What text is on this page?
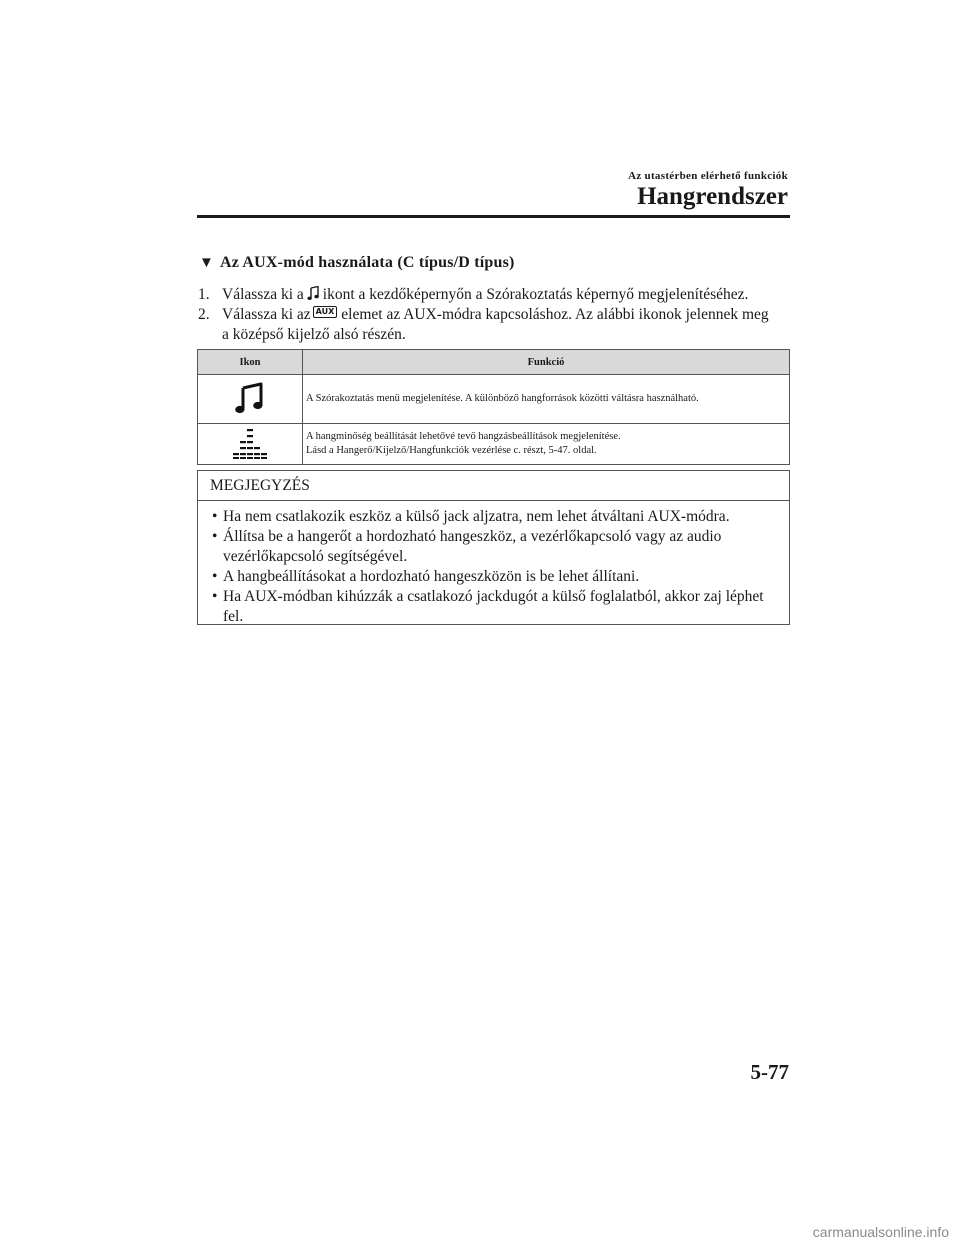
Az utastérben elérhető funkciók
Hangrendszer
▼ Az AUX-mód használata (C típus/D típus)
1. Válassza ki a ikont a kezdőképernyőn a Szórakoztatás képernyő megjelenítéséhez.
2. Válassza ki az AUX elemet az AUX-módra kapcsoláshoz. Az alábbi ikonok jelennek meg
a középső kijelző alsó részén.
Ikon	Funkció

A Szórakoztatás menü megjelenítése. A különböző hangforrások közötti váltásra használható.

A hangminőség beállítását lehetővé tevő hangzásbeállítások megjelenítése.
Lásd a Hangerő/Kijelző/Hangfunkciók vezérlése c. részt, 5-47. oldal.
MEGJEGYZÉS
• Ha nem csatlakozik eszköz a külső jack aljzatra, nem lehet átváltani AUX-módra.
• Állítsa be a hangerőt a hordozható hangeszköz, a vezérlőkapcsoló vagy az audio vezérlőkapcsoló segítségével.
• A hangbeállításokat a hordozható hangeszközön is be lehet állítani.
• Ha AUX-módban kihúzzák a csatlakozó jackdugót a külső foglalatból, akkor zaj léphet fel.
5-77
carmanualsonline.info
